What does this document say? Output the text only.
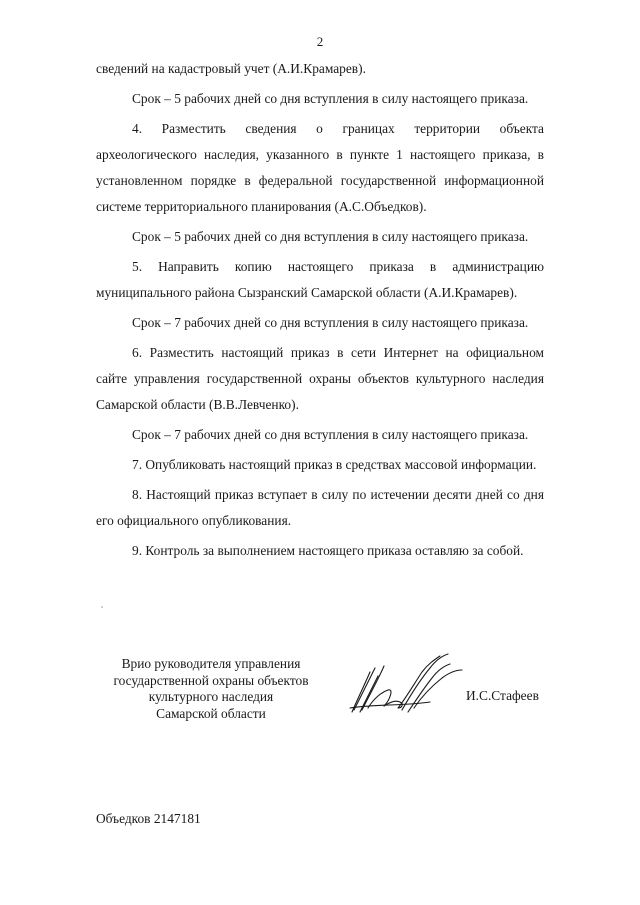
2

сведений на кадастровый учет (А.И.Крамарев).

Срок – 5 рабочих дней со дня вступления в силу настоящего приказа.

4. Разместить сведения о границах территории объекта археологического наследия, указанного в пункте 1 настоящего приказа, в установленном порядке в федеральной государственной информационной системе территориального планирования (А.С.Объедков).

Срок – 5 рабочих дней со дня вступления в силу настоящего приказа.

5. Направить копию настоящего приказа в администрацию муниципального района Сызранский Самарской области (А.И.Крамарев).

Срок – 7 рабочих дней со дня вступления в силу настоящего приказа.

6. Разместить настоящий приказ в сети Интернет на официальном сайте управления государственной охраны объектов культурного наследия Самарской области (В.В.Левченко).

Срок – 7 рабочих дней со дня вступления в силу настоящего приказа.

7. Опубликовать настоящий приказ в средствах массовой информации.

8. Настоящий приказ вступает в силу по истечении десяти дней со дня его официального опубликования.

9. Контроль за выполнением настоящего приказа оставляю за собой.

Врио руководителя управления
государственной охраны объектов
культурного наследия
Самарской области
И.С.Стафеев
Объедков 2147181
